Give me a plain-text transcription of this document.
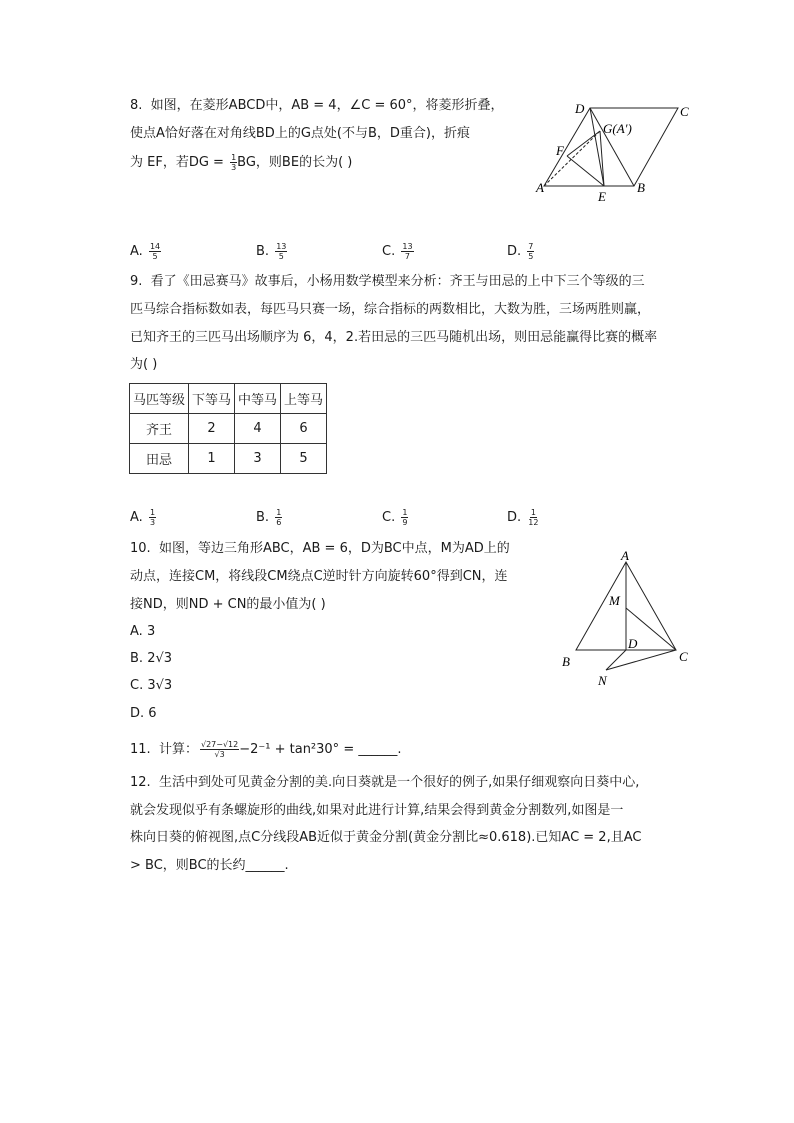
8. 如图，在菱形ABCD中，AB = 4，∠C = 60°，将菱形折叠，
使点A恰好落在对角线BD上的G点处(不与B，D重合)，折痕
为 EF，若DG = $\frac{1}{3}$ BG，则BE的长为( )
D	C
G(A′)
F
A
E
B
A. $\frac{14}{5}$	B. $\frac{13}{5}$	C. $\frac{13}{7}$	D. $\frac{7}{5}$
9. 看了《田忌赛马》故事后，小杨用数学模型来分析：齐王与田忌的上中下三个等级的三
匹马综合指标数如表，每匹马只赛一场，综合指标的两数相比，大数为胜，三场两胜则赢，
已知齐王的三匹马出场顺序为 6，4，2.若田忌的三匹马随机出场，则田忌能赢得比赛的概率
为( )
马匹等级	下等马	中等马	上等马
齐王	2	4	6
田忌	1	3	5
A. $\frac{1}{3}$	B. $\frac{1}{6}$	C. $\frac{1}{9}$	D. $\frac{1}{12}$
10. 如图，等边三角形ABC，AB = 6，D为BC中点，M为AD上的
动点，连接CM，将线段CM绕点C逆时针方向旋转60°得到CN，连
接ND，则ND + CN的最小值为( )
A. 3
B. 2√3
C. 3√3
D. 6
A
M
D
B	C
N
11. 计算： $\frac{√27-√12}{√3} -2^{-1} + \tan^230^\circ$ = ______.
12. 生活中到处可见黄金分割的美.向日葵就是一个很好的例子,如果仔细观察向日葵中心,
就会发现似乎有条螺旋形的曲线,如果对此进行计算,结果会得到黄金分割数列,如图是一
株向日葵的俯视图,点C分线段AB近似于黄金分割(黄金分割比≈0.618).已知AC = 2,且AC
> BC，则BC的长约______.
